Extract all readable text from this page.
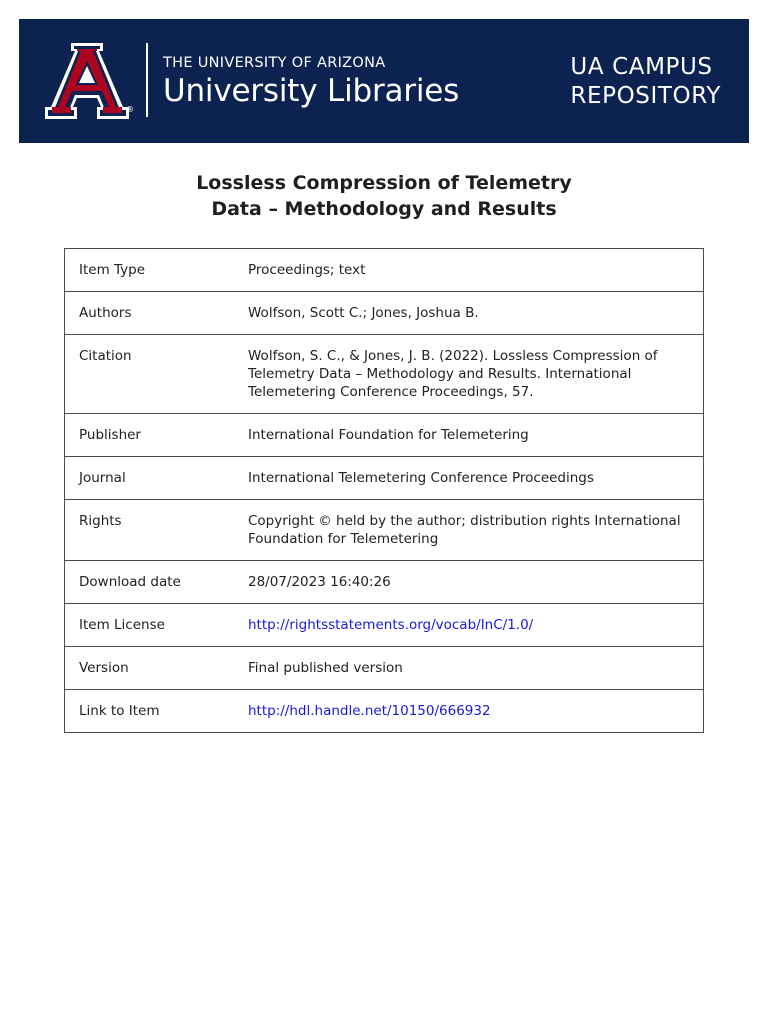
®
THE UNIVERSITY OF ARIZONA
University Libraries
UA CAMPUS
REPOSITORY
Lossless Compression of Telemetry
Data – Methodology and Results
Item Type	Proceedings; text
Authors	Wolfson, Scott C.; Jones, Joshua B.
Citation	Wolfson, S. C., & Jones, J. B. (2022). Lossless Compression of Telemetry Data – Methodology and Results. International Telemetering Conference Proceedings, 57.
Publisher	International Foundation for Telemetering
Journal	International Telemetering Conference Proceedings
Rights	Copyright © held by the author; distribution rights International Foundation for Telemetering
Download date	28/07/2023 16:40:26
Item License	http://rightsstatements.org/vocab/InC/1.0/
Version	Final published version
Link to Item	http://hdl.handle.net/10150/666932
